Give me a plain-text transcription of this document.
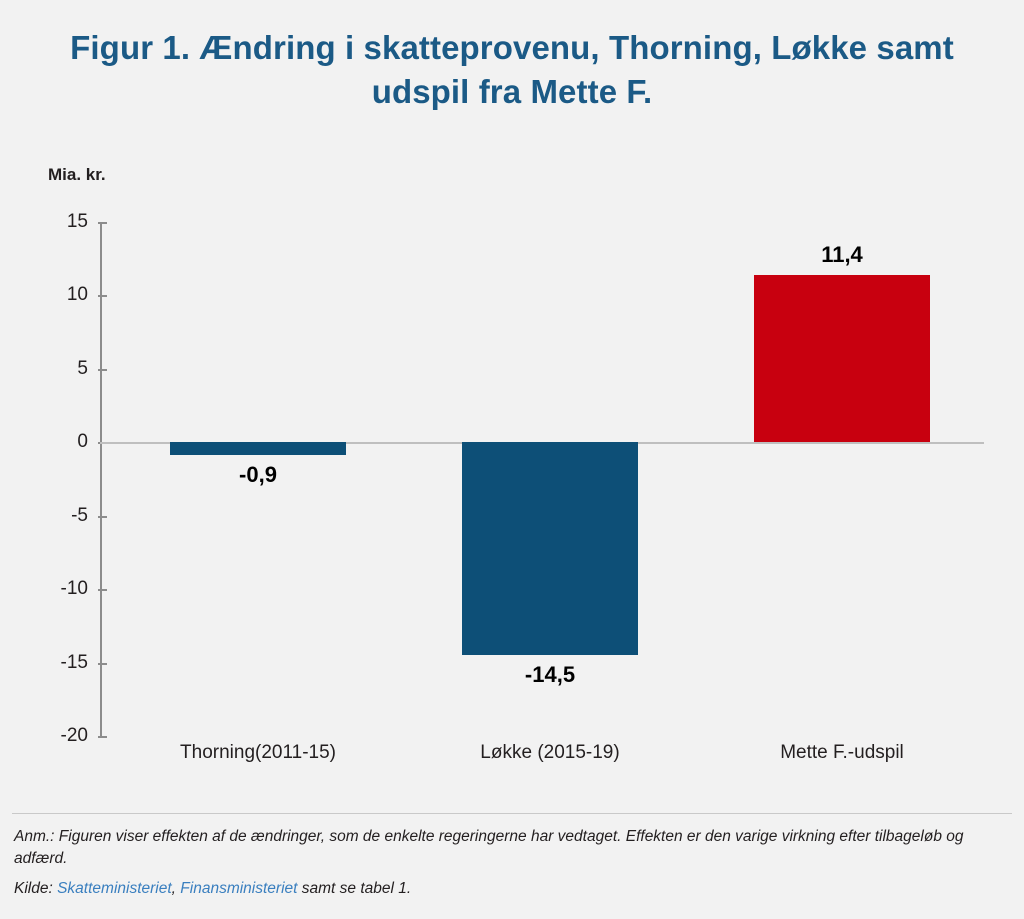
Figur 1. Ændring i skatteprovenu, Thorning, Løkke samt udspil fra Mette F.
Mia. kr.
15
10
5
0
-5
-10
-15
-20
-0,9
Thorning(2011-15)
-14,5
Løkke (2015-19)
11,4
Mette F.-udspil
Anm.: Figuren viser effekten af de ændringer, som de enkelte regeringerne har vedtaget. Effekten er den varige virkning efter tilbageløb og adfærd.
Kilde: Skatteministeriet, Finansministeriet samt se tabel 1.
